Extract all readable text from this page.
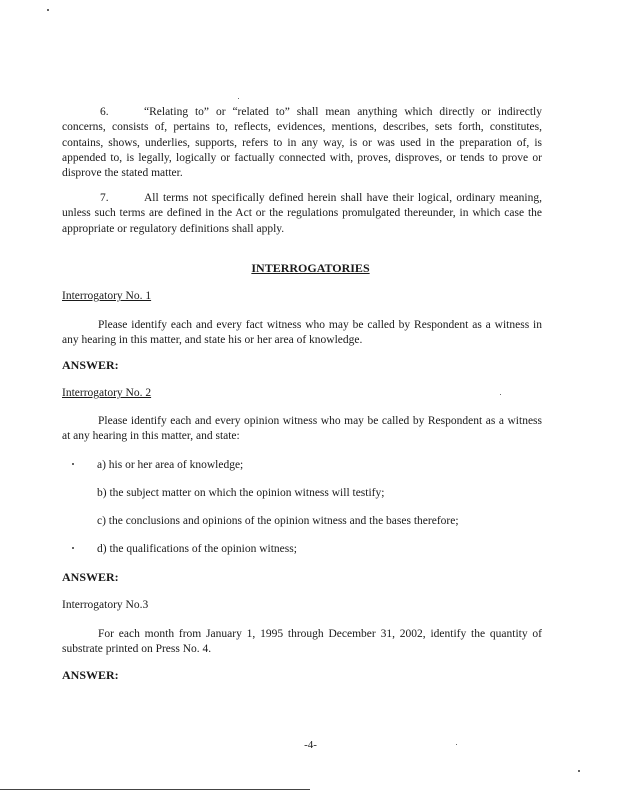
6.	“Relating to” or “related to” shall mean anything which directly or indirectly concerns, consists of, pertains to, reflects, evidences, mentions, describes, sets forth, constitutes, contains, shows, underlies, supports, refers to in any way, is or was used in the preparation of, is appended to, is legally, logically or factually connected with, proves, disproves, or tends to prove or disprove the stated matter.

7.	All terms not specifically defined herein shall have their logical, ordinary meaning, unless such terms are defined in the Act or the regulations promulgated thereunder, in which case the appropriate or regulatory definitions shall apply.

INTERROGATORIES
Interrogatory No. 1

Please identify each and every fact witness who may be called by Respondent as a witness in any hearing in this matter, and state his or her area of knowledge.

ANSWER:
Interrogatory No. 2

Please identify each and every opinion witness who may be called by Respondent as a witness at any hearing in this matter, and state:

a) his or her area of knowledge;
b) the subject matter on which the opinion witness will testify;
c) the conclusions and opinions of the opinion witness and the bases therefore;
d) the qualifications of the opinion witness;
ANSWER:
Interrogatory No.3

For each month from January 1, 1995 through December 31, 2002, identify the quantity of substrate printed on Press No. 4.

ANSWER:
-4-
